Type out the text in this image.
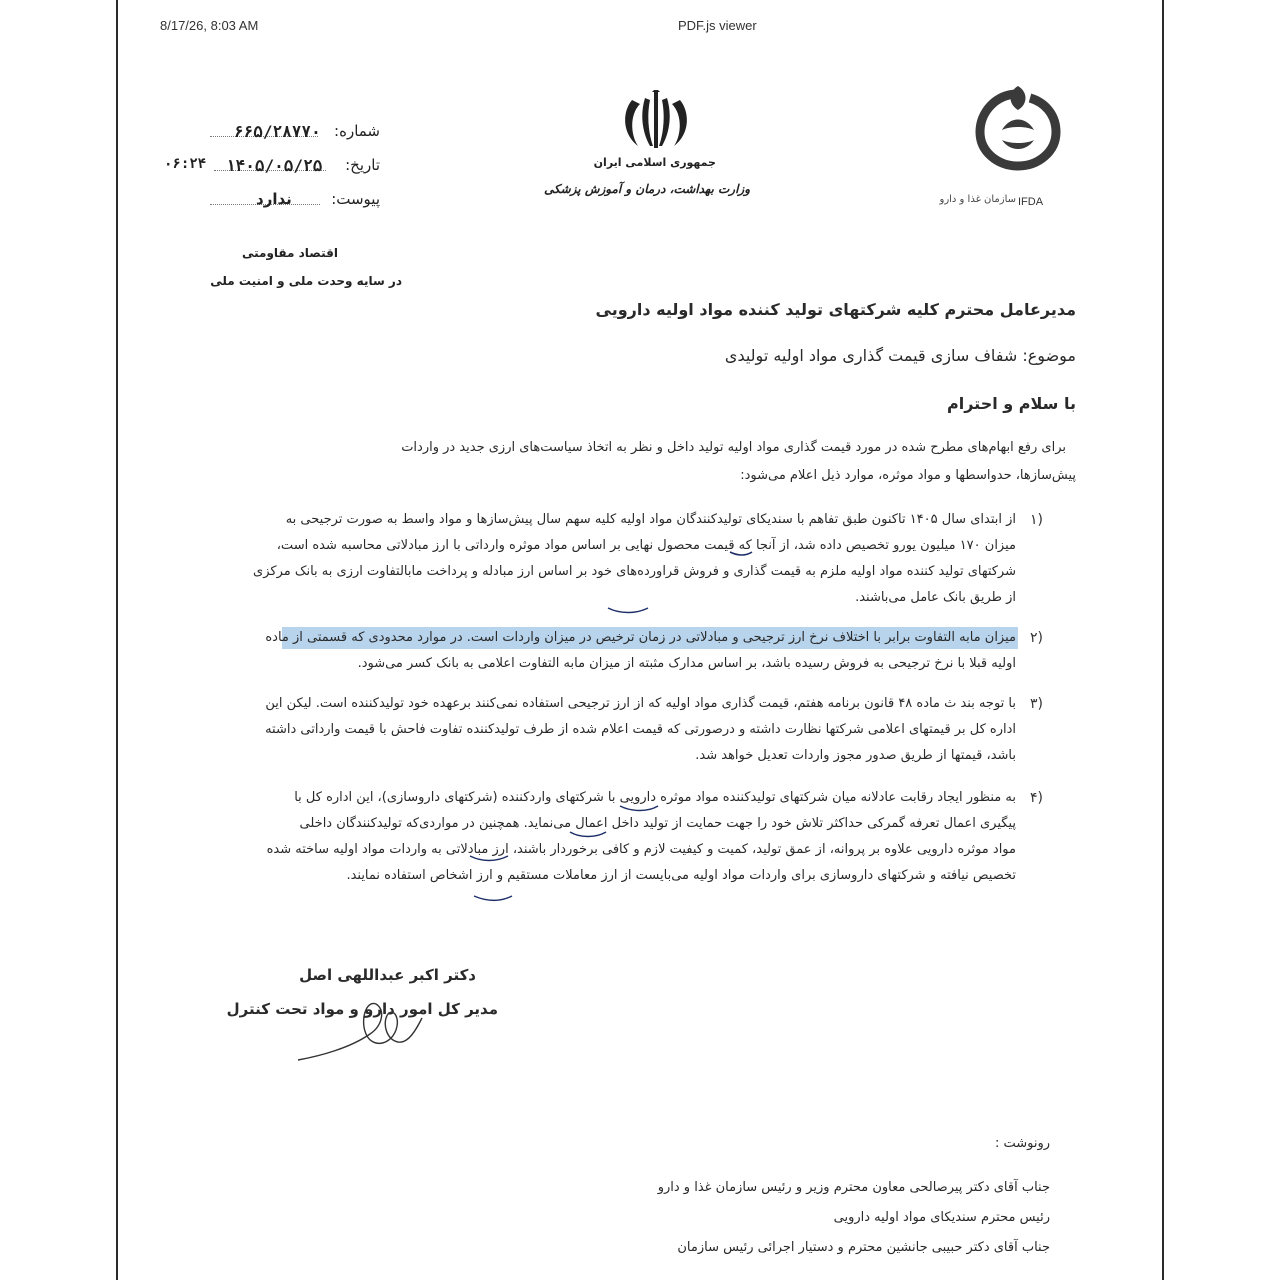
8/17/26, 8:03 AM	PDF.js viewer
IFDA
سازمان غذا و دارو
جمهوری اسلامی ایران
وزارت بهداشت، درمان و آموزش پزشکی
شماره:
۶۶۵/۲۸۷۷۰
تاریخ:
۱۴۰۵/۰۵/۲۵
۰۶:۲۴
پیوست:
ندارد
اقتصاد مقاومتی
در سایه وحدت ملی و امنیت ملی
مدیرعامل محترم کلیه شرکتهای تولید کننده مواد اولیه دارویی
موضوع: شفاف سازی قیمت گذاری مواد اولیه تولیدی
با سلام و احترام
برای رفع ابهام‌های مطرح شده در مورد قیمت گذاری مواد اولیه تولید داخل و نظر به اتخاذ سیاست‌های ارزی جدید در واردات
پیش‌سازها، حدواسطها و مواد موثره، موارد ذیل اعلام می‌شود:
۱)
از ابتدای سال ۱۴۰۵ تاکنون طبق تفاهم با سندیکای تولیدکنندگان مواد اولیه کلیه سهم سال پیش‌سازها و مواد واسط به صورت ترجیحی به
میزان ۱۷۰ میلیون یورو تخصیص داده شد، از آنجا که قیمت محصول نهایی بر اساس مواد موثره وارداتی با ارز مبادلاتی محاسبه شده است،
شرکتهای تولید کننده مواد اولیه ملزم به قیمت گذاری و فروش قراورده‌های خود بر اساس ارز مبادله و پرداخت مابالتفاوت ارزی به بانک مرکزی
از طریق بانک عامل می‌باشند.
۲)
میزان مابه التفاوت برابر با اختلاف نرخ ارز ترجیحی و مبادلاتی در زمان ترخیص در میزان واردات است. در موارد محدودی که قسمتی از ماده
اولیه قبلا با نرخ ترجیحی به فروش رسیده باشد، بر اساس مدارک مثبته از میزان مابه التفاوت اعلامی به بانک کسر می‌شود.
۳)
با توجه بند ث ماده ۴۸ قانون برنامه هفتم، قیمت گذاری مواد اولیه که از ارز ترجیحی استفاده نمی‌کنند برعهده خود تولیدکننده است. لیکن این
اداره کل بر قیمتهای اعلامی شرکتها نظارت داشته و درصورتی که قیمت اعلام شده از طرف تولیدکننده تفاوت فاحش با قیمت وارداتی داشته
باشد، قیمتها از طریق صدور مجوز واردات تعدیل خواهد شد.
۴)
به منظور ایجاد رقابت عادلانه میان شرکتهای تولیدکننده مواد موثره دارویی با شرکتهای واردکننده (شرکتهای داروسازی)، این اداره کل با
پیگیری اعمال تعرفه گمرکی حداکثر تلاش خود را جهت حمایت از تولید داخل اعمال می‌نماید. همچنین در مواردی‌که تولیدکنندگان داخلی
مواد موثره دارویی علاوه بر پروانه، از عمق تولید، کمیت و کیفیت لازم و کافی برخوردار باشند، ارز مبادلاتی به واردات مواد اولیه ساخته شده
تخصیص نیافته و شرکتهای داروسازی برای واردات مواد اولیه می‌بایست از ارز معاملات مستقیم و ارز اشخاص استفاده نمایند.
دکتر اکبر عبداللهی اصل
مدیر کل امور دارو و مواد تحت کنترل
رونوشت :
جناب آقای دکتر پیرصالحی معاون محترم وزیر و رئیس سازمان غذا و دارو
رئیس محترم سندیکای مواد اولیه دارویی
جناب آقای دکتر حبیبی جانشین محترم و دستیار اجرائی رئیس سازمان
